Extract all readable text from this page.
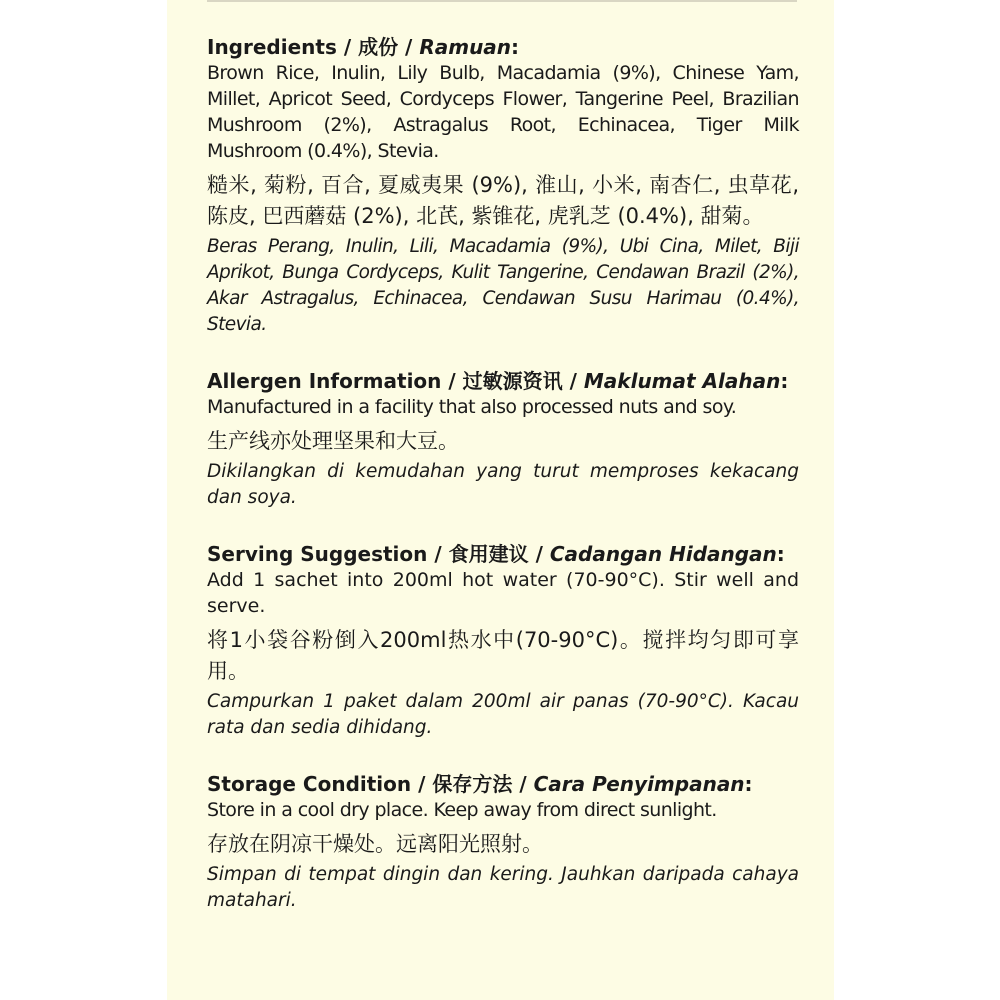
Ingredients / 成份 / Ramuan:

Brown Rice, Inulin, Lily Bulb, Macadamia (9%), Chinese Yam, Millet, Apricot Seed, Cordyceps Flower, Tangerine Peel, Brazilian Mushroom (2%), Astragalus Root, Echinacea, Tiger Milk Mushroom (0.4%), Stevia.

糙米, 菊粉, 百合, 夏威夷果 (9%), 淮山, 小米, 南杏仁, 虫草花, 陈皮, 巴西蘑菇 (2%), 北芪, 紫锥花, 虎乳芝 (0.4%), 甜菊。

Beras Perang, Inulin, Lili, Macadamia (9%), Ubi Cina, Milet, Biji Aprikot, Bunga Cordyceps, Kulit Tangerine, Cendawan Brazil (2%), Akar Astragalus, Echinacea, Cendawan Susu Harimau (0.4%), Stevia.

Allergen Information / 过敏源资讯 / Maklumat Alahan:

Manufactured in a facility that also processed nuts and soy.

生产线亦处理坚果和大豆。

Dikilangkan di kemudahan yang turut memproses kekacang dan soya.

Serving Suggestion / 食用建议 / Cadangan Hidangan:

Add 1 sachet into 200ml hot water (70-90°C). Stir well and serve.

将1小袋谷粉倒入200ml热水中(70-90°C)。搅拌均匀即可享用。

Campurkan 1 paket dalam 200ml air panas (70-90°C). Kacau rata dan sedia dihidang.

Storage Condition / 保存方法 / Cara Penyimpanan:

Store in a cool dry place. Keep away from direct sunlight.

存放在阴凉干燥处。远离阳光照射。

Simpan di tempat dingin dan kering. Jauhkan daripada cahaya matahari.
